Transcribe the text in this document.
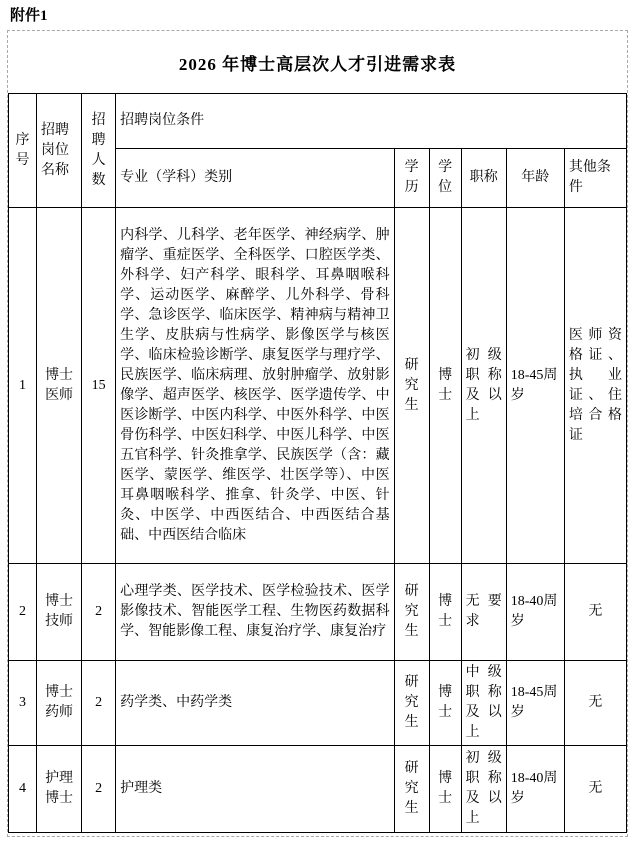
附件1
2026 年博士高层次人才引进需求表
序号	招聘岗位名称	招聘人数	招聘岗位条件					
			专业（学科）类别	学历	学位	职称	年龄	其他条件
1	博士医师	15	内科学、儿科学、老年医学、神经病学、肿瘤学、重症医学、全科医学、口腔医学类、外科学、妇产科学、眼科学、耳鼻咽喉科学、运动医学、麻醉学、儿外科学、骨科学、急诊医学、临床医学、精神病与精神卫生学、皮肤病与性病学、影像医学与核医学、临床检验诊断学、康复医学与理疗学、民族医学、临床病理、放射肿瘤学、放射影像学、超声医学、核医学、医学遗传学、中医诊断学、中医内科学、中医外科学、中医骨伤科学、中医妇科学、中医儿科学、中医五官科学、针灸推拿学、民族医学（含：藏医学、蒙医学、维医学、壮医学等）、中医耳鼻咽喉科学、推拿、针灸学、中医、针灸、中医学、中西医结合、中西医结合基础、中西医结合临床	研究生	博士	初级职称及以上	18-45周岁	医师资格证、执业证、住培合格证
2	博士技师	2	心理学类、医学技术、医学检验技术、医学影像技术、智能医学工程、生物医药数据科学、智能影像工程、康复治疗学、康复治疗	研究生	博士	无要求	18-40周岁	无
3	博士药师	2	药学类、中药学类	研究生	博士	中级职称及以上	18-45周岁	无
4	护理博士	2	护理类	研究生	博士	初级职称及以上	18-40周岁	无
